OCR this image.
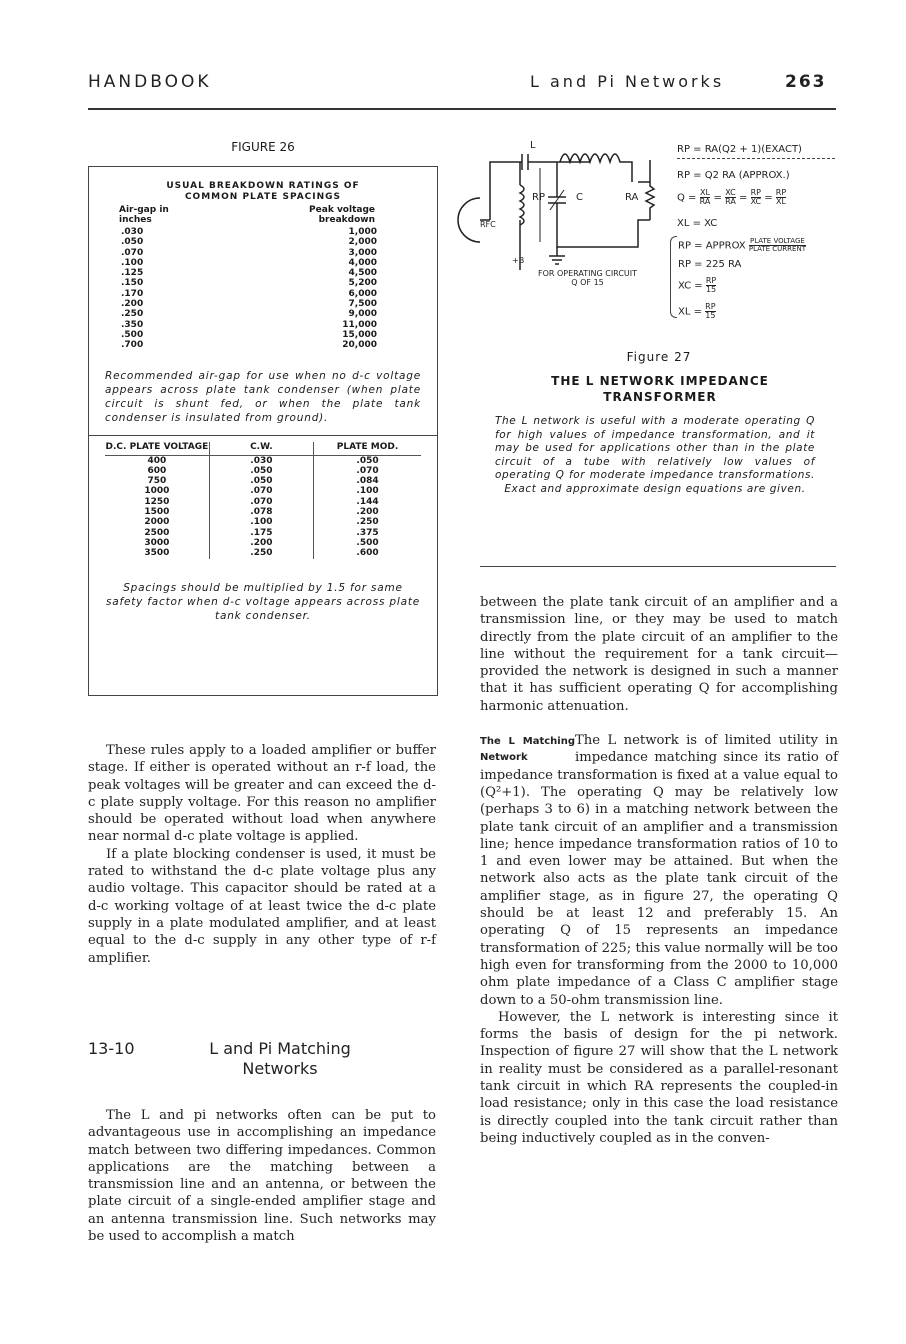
HANDBOOK	L and Pi Networks	263
FIGURE 26
USUAL BREAKDOWN RATINGS OF
COMMON PLATE SPACINGS
Air-gap in
inches
Peak voltage
breakdown
.030	1,000
.050	2,000
.070	3,000
.100	4,000
.125	4,500
.150	5,200
.170	6,000
.200	7,500
.250	9,000
.350	11,000
.500	15,000
.700	20,000
Recommended air-gap for use when no d-c voltage appears across plate tank condenser (when plate circuit is shunt fed, or when the plate tank condenser is insulated from ground).
D.C. PLATE VOLTAGE	C.W.	PLATE MOD.
400	.030	.050
600	.050	.070
750	.050	.084
1000	.070	.100
1250	.070	.144
1500	.078	.200
2000	.100	.250
2500	.175	.375
3000	.200	.500
3500	.250	.600
Spacings should be multiplied by 1.5 for same safety factor when d-c voltage appears across plate tank condenser.
L
RP	C	RA
RFC
+B
FOR OPERATING CIRCUIT
Q OF 15
RP = RA(Q2 + 1)(EXACT)
RP = Q2 RA (APPROX.)
$Q = \frac{XL}{RA} = \frac{XC}{RA} = \frac{RP}{XC} = \frac{RP}{XL}$
XL = XC
RP = APPROX $\frac{\text{PLATE VOLTAGE}}{\text{PLATE CURRENT}}$
RP = 225 RA
XC = $\frac{RP}{15}$
XL = $\frac{RP}{15}$
Figure 27
THE L NETWORK IMPEDANCE TRANSFORMER
The L network is useful with a moderate operating Q for high values of impedance transformation, and it may be used for applications other than in the plate circuit of a tube with relatively low values of operating Q for moderate impedance transformations. Exact and approximate design equations are given.

These rules apply to a loaded amplifier or buffer stage. If either is operated without an r-f load, the peak voltages will be greater and can exceed the d-c plate supply voltage. For this reason no amplifier should be operated without load when anywhere near normal d-c plate voltage is applied.

If a plate blocking condenser is used, it must be rated to withstand the d-c plate voltage plus any audio voltage. This capacitor should be rated at a d-c working voltage of at least twice the d-c plate supply in a plate modulated amplifier, and at least equal to the d-c supply in any other type of r-f amplifier.

13-10	L and Pi Matching Networks

The L and pi networks often can be put to advantageous use in accomplishing an impedance match between two differing impedances. Common applications are the matching between a transmission line and an antenna, or between the plate circuit of a single-ended amplifier stage and an antenna transmission line. Such networks may be used to accomplish a match

between the plate tank circuit of an amplifier and a transmission line, or they may be used to match directly from the plate circuit of an amplifier to the line without the requirement for a tank circuit—provided the network is designed in such a manner that it has sufficient operating Q for accomplishing harmonic attenuation.

The L Matching Network
The L network is of limited utility in impedance matching since its ratio of impedance transformation is fixed at a value equal to (Q²+1). The operating Q may be relatively low (perhaps 3 to 6) in a matching network between the plate tank circuit of an amplifier and a transmission line; hence impedance transformation ratios of 10 to 1 and even lower may be attained. But when the network also acts as the plate tank circuit of the amplifier stage, as in figure 27, the operating Q should be at least 12 and preferably 15. An operating Q of 15 represents an impedance transformation of 225; this value normally will be too high even for transforming from the 2000 to 10,000 ohm plate impedance of a Class C amplifier stage down to a 50-ohm transmission line.

However, the L network is interesting since it forms the basis of design for the pi network. Inspection of figure 27 will show that the L network in reality must be considered as a parallel-resonant tank circuit in which RA represents the coupled-in load resistance; only in this case the load resistance is directly coupled into the tank circuit rather than being inductively coupled as in the conven-
